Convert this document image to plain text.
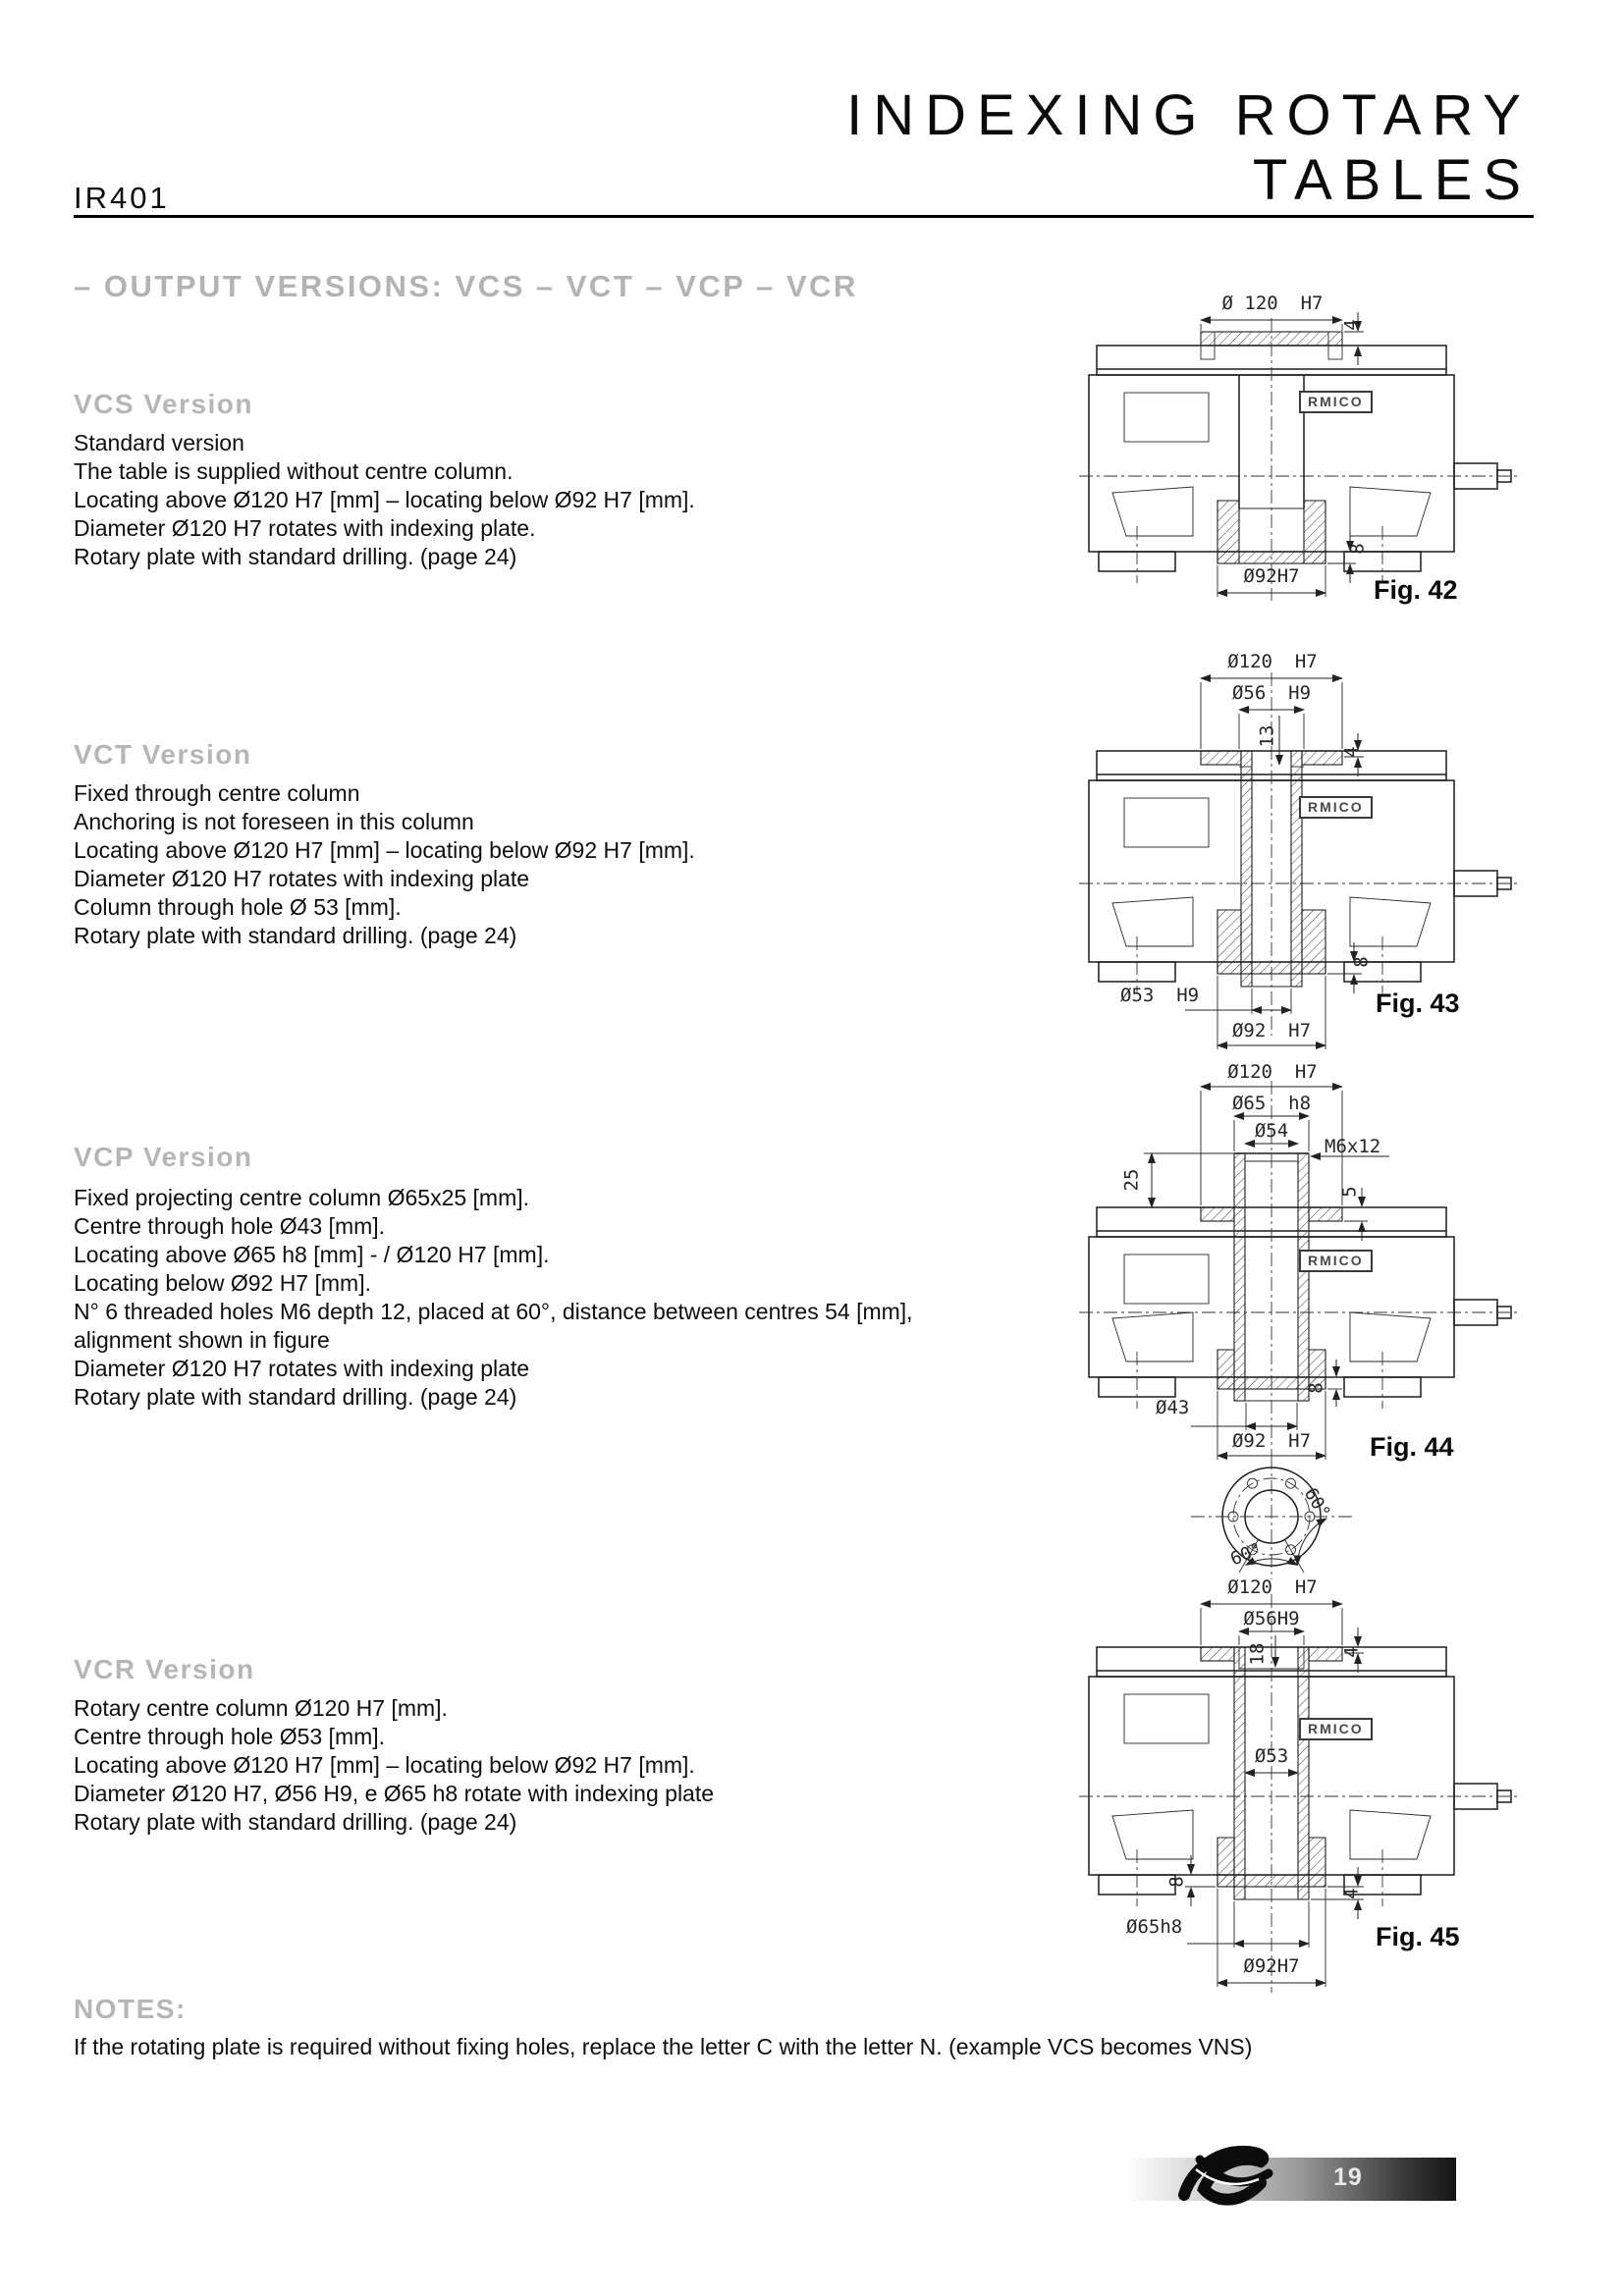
INDEXING ROTARY
TABLES
IR401
– OUTPUT VERSIONS: VCS – VCT – VCP – VCR
VCS Version
Standard version
The table is supplied without centre column.
Locating above Ø120 H7 [mm] – locating below Ø92 H7 [mm].
Diameter Ø120 H7 rotates with indexing plate.
Rotary plate with standard drilling. (page 24)
VCT Version
Fixed through centre column
Anchoring is not foreseen in this column
Locating above Ø120 H7 [mm] – locating below Ø92 H7 [mm].
Diameter Ø120 H7 rotates with indexing plate
Column through hole Ø 53 [mm].
Rotary plate with standard drilling. (page 24)
VCP Version
Fixed projecting centre column Ø65x25 [mm].
Centre through hole Ø43 [mm].
Locating above Ø65 h8 [mm] - / Ø120 H7 [mm].
Locating below Ø92 H7 [mm].
N° 6 threaded holes M6 depth 12, placed at 60°, distance between centres 54 [mm],
alignment shown in figure
Diameter Ø120 H7 rotates with indexing plate
Rotary plate with standard drilling. (page 24)
VCR Version
Rotary centre column Ø120 H7 [mm].
Centre through hole Ø53 [mm].
Locating above Ø120 H7 [mm] – locating below Ø92 H7 [mm].
Diameter Ø120 H7, Ø56 H9, e Ø65 h8 rotate with indexing plate
Rotary plate with standard drilling. (page 24)
NOTES:
If the rotating plate is required without fixing holes, replace the letter C with the letter N. (example VCS becomes VNS)
Ø 120  H7
4
Ø92H7
8
RMICO
Fig. 42
Ø120  H7
Ø56  H9
13
4
Ø53  H9
Ø92  H7
8
RMICO
Fig. 43
Ø120  H7
Ø65  h8
Ø54
M6x12
25
5
Ø43
8
Ø92  H7
60°
60°
RMICO
Fig. 44
Ø120  H7
Ø56H9
18	4
Ø53
8
4
Ø65h8
Ø92H7
RMICO
Fig. 45
19
